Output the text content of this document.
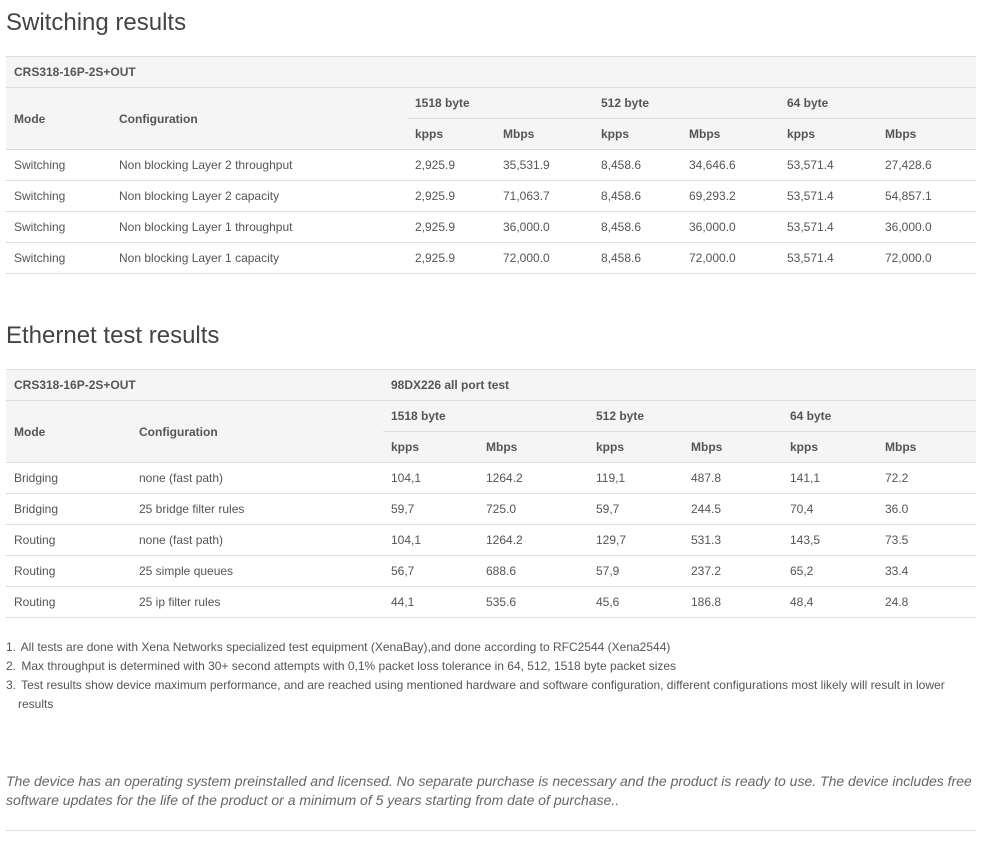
Switching results
CRS318-16P-2S+OUT							
Mode	Configuration	1518 byte		512 byte		64 byte	
		kpps	Mbps	kpps	Mbps	kpps	Mbps
Switching	Non blocking Layer 2 throughput	2,925.9	35,531.9	8,458.6	34,646.6	53,571.4	27,428.6
Switching	Non blocking Layer 2 capacity	2,925.9	71,063.7	8,458.6	69,293.2	53,571.4	54,857.1
Switching	Non blocking Layer 1 throughput	2,925.9	36,000.0	8,458.6	36,000.0	53,571.4	36,000.0
Switching	Non blocking Layer 1 capacity	2,925.9	72,000.0	8,458.6	72,000.0	53,571.4	72,000.0
Ethernet test results
CRS318-16P-2S+OUT		98DX226 all port test					
Mode	Configuration	1518 byte		512 byte		64 byte	
		kpps	Mbps	kpps	Mbps	kpps	Mbps
Bridging	none (fast path)	104,1	1264.2	119,1	487.8	141,1	72.2
Bridging	25 bridge filter rules	59,7	725.0	59,7	244.5	70,4	36.0
Routing	none (fast path)	104,1	1264.2	129,7	531.3	143,5	73.5
Routing	25 simple queues	56,7	688.6	57,9	237.2	65,2	33.4
Routing	25 ip filter rules	44,1	535.6	45,6	186.8	48,4	24.8
1. All tests are done with Xena Networks specialized test equipment (XenaBay),and done according to RFC2544 (Xena2544)
2. Max throughput is determined with 30+ second attempts with 0,1% packet loss tolerance in 64, 512, 1518 byte packet sizes
3. Test results show device maximum performance, and are reached using mentioned hardware and software configuration, different configurations most likely will result in lower results

The device has an operating system preinstalled and licensed. No separate purchase is necessary and the product is ready to use. The device includes free software updates for the life of the product or a minimum of 5 years starting from date of purchase..
